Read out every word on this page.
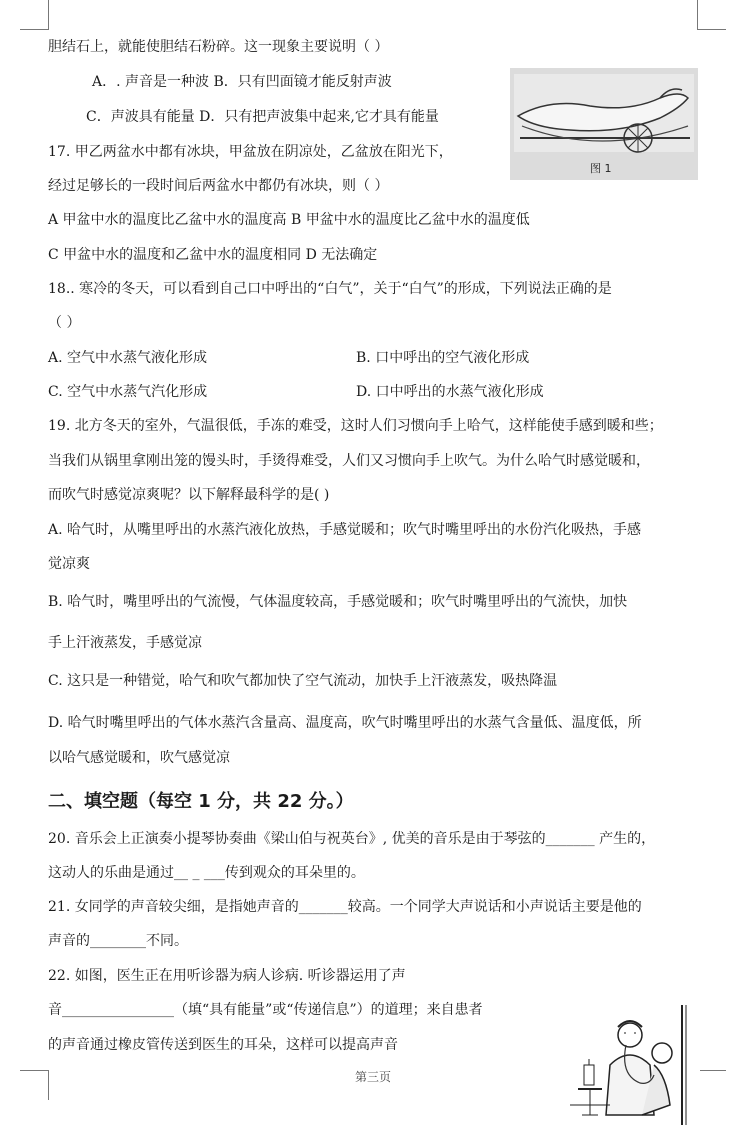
胆结石上，就能使胆结石粉碎。这一现象主要说明（ ）
A．. 声音是一种波 B．只有凹面镜才能反射声波
C．声波具有能量 D．只有把声波集中起来,它才具有能量
图 1
17. 甲乙两盆水中都有冰块，甲盆放在阴凉处，乙盆放在阳光下，
经过足够长的一段时间后两盆水中都仍有冰块，则（ ）
A 甲盆中水的温度比乙盆中水的温度高 B 甲盆中水的温度比乙盆中水的温度低
C 甲盆中水的温度和乙盆中水的温度相同 D 无法确定
18.. 寒冷的冬天，可以看到自己口中呼出的“白气”，关于“白气”的形成，下列说法正确的是
（ ）
A. 空气中水蒸气液化形成	B. 口中呼出的空气液化形成
C. 空气中水蒸气汽化形成	D. 口中呼出的水蒸气液化形成
19. 北方冬天的室外，气温很低，手冻的难受，这时人们习惯向手上哈气，这样能使手感到暖和些；
当我们从锅里拿刚出笼的馒头时，手烫得难受，人们又习惯向手上吹气。为什么哈气时感觉暖和，
而吹气时感觉凉爽呢？以下解释最科学的是( )
A. 哈气时，从嘴里呼出的水蒸汽液化放热，手感觉暖和；吹气时嘴里呼出的水份汽化吸热，手感
觉凉爽
B. 哈气时，嘴里呼出的气流慢，气体温度较高，手感觉暖和；吹气时嘴里呼出的气流快，加快
手上汗液蒸发，手感觉凉
C. 这只是一种错觉，哈气和吹气都加快了空气流动，加快手上汗液蒸发，吸热降温
D. 哈气时嘴里呼出的气体水蒸汽含量高、温度高，吹气时嘴里呼出的水蒸气含量低、温度低，所
以哈气感觉暖和，吹气感觉凉
二、填空题（每空 1 分，共 22 分。）
20. 音乐会上正演奏小提琴协奏曲《梁山伯与祝英台》, 优美的音乐是由于琴弦的_______ 产生的，
这动人的乐曲是通过__ _ ___传到观众的耳朵里的。
21. 女同学的声音较尖细，是指她声音的_______较高。一个同学大声说话和小声说话主要是他的
声音的________不同。
22. 如图，医生正在用听诊器为病人诊病. 听诊器运用了声
音________________（填“具有能量”或“传递信息”）的道理；来自患者
的声音通过橡皮管传送到医生的耳朵，这样可以提高声音
第三页
